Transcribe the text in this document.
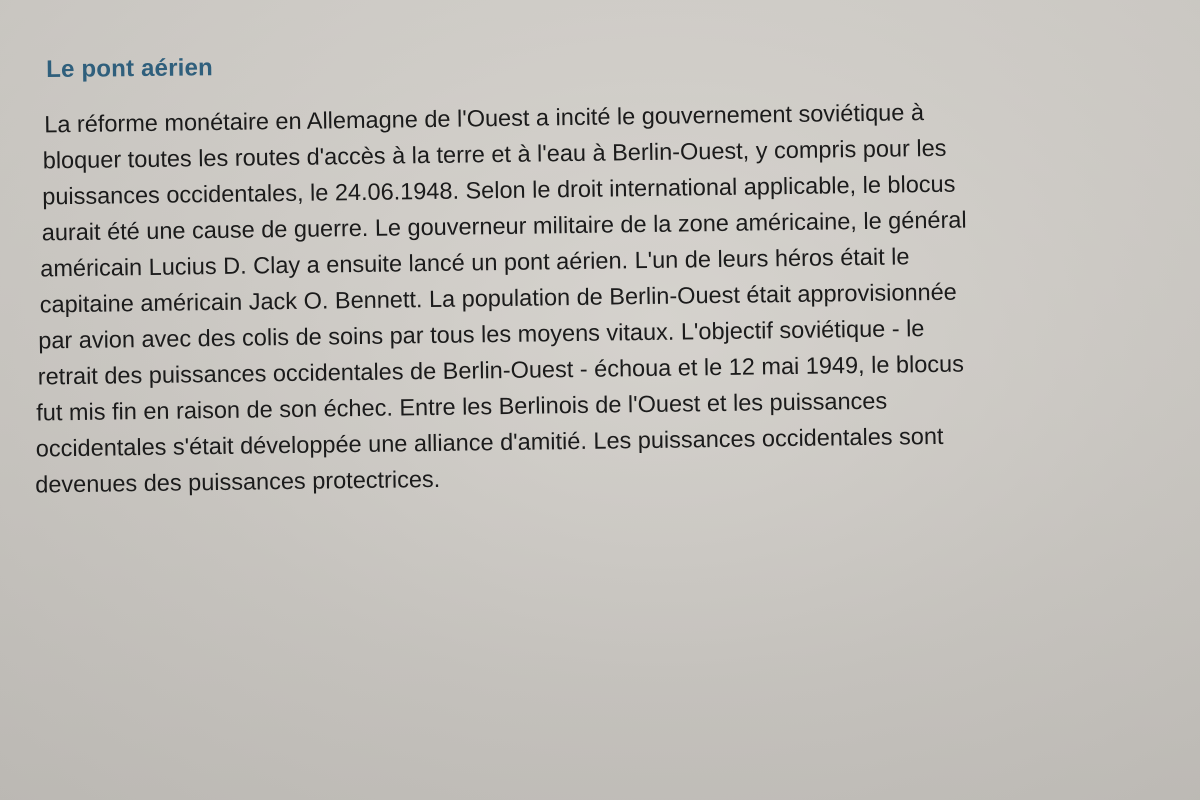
Le pont aérien
La réforme monétaire en Allemagne de l'Ouest a incité le gouvernement soviétique à
bloquer toutes les routes d'accès à la terre et à l'eau à Berlin-Ouest, y compris pour les
puissances occidentales, le 24.06.1948. Selon le droit international applicable, le blocus
aurait été une cause de guerre. Le gouverneur militaire de la zone américaine, le général
américain Lucius D. Clay a ensuite lancé un pont aérien. L'un de leurs héros était le
capitaine américain Jack O. Bennett. La population de Berlin-Ouest était approvisionnée
par avion avec des colis de soins par tous les moyens vitaux. L'objectif soviétique - le
retrait des puissances occidentales de Berlin-Ouest - échoua et le 12 mai 1949, le blocus
fut mis fin en raison de son échec. Entre les Berlinois de l'Ouest et les puissances
occidentales s'était développée une alliance d'amitié. Les puissances occidentales sont
devenues des puissances protectrices.
